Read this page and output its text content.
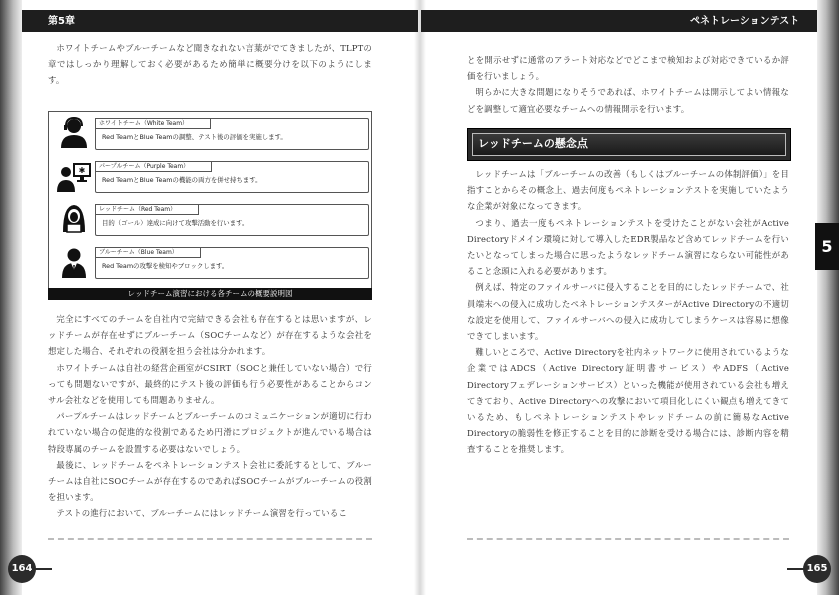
第5章	ペネトレーションテスト

ホワイトチームやブルーチームなど聞きなれない言葉がでてきましたが、TLPTの章ではしっかり理解しておく必要があるため簡単に概要分けを以下のようにします。

ホワイトチーム（White Team）
Red TeamとBlue Teamの調整、テスト後の評価を実施します。
✱	パープルチーム（Purple Team）
Red TeamとBlue Teamの機能の両方を併せ持ちます。
レッドチーム（Red Team）
目的（ゴール）達成に向けて攻撃活動を行います。
ブルーチーム（Blue Team）
Red Teamの攻撃を検知やブロックします。
レッドチーム演習における各チームの概要説明図

完全にすべてのチームを自社内で完結できる会社も存在するとは思いますが、レッドチームが存在せずにブルーチーム（SOCチームなど）が存在するような会社を想定した場合、それぞれの役割を担う会社は分かれます。

ホワイトチームは自社の経営企画室がCSIRT（SOCと兼任していない場合）で行っても問題ないですが、最終的にテスト後の評価も行う必要性があることからコンサル会社などを使用しても問題ありません。

パープルチームはレッドチームとブルーチームのコミュニケーションが適切に行われていない場合の促進的な役割であるため円滑にプロジェクトが進んでいる場合は特段専属のチームを設置する必要はないでしょう。

最後に、レッドチームをペネトレーションテスト会社に委託するとして、ブルーチームは自社にSOCチームが存在するのであればSOCチームがブルーチームの役割を担います。

テストの進行において、ブルーチームにはレッドチーム演習を行っているこ

とを開示せずに通常のアラート対応などでどこまで検知および対応できているか評価を行いましょう。

明らかに大きな問題になりそうであれば、ホワイトチームは開示してよい情報などを調整して適宜必要なチームへの情報開示を行います。

レッドチームの懸念点

レッドチームは「ブルーチームの改善（もしくはブルーチームの体制評価）」を目指すことからその概念上、過去何度もペネトレーションテストを実施していたような企業が対象になってきます。

つまり、過去一度もペネトレーションテストを受けたことがない会社がActive Directoryドメイン環境に対して導入したEDR製品など含めてレッドチームを行いたいとなってしまった場合に思ったようなレッドチーム演習にならない可能性があること念頭に入れる必要があります。

例えば、特定のファイルサーバに侵入することを目的にしたレッドチームで、社員端末への侵入に成功したペネトレーションテスターがActive Directoryの不適切な設定を使用して、ファイルサーバへの侵入に成功してしまうケースは容易に想像できてしまいます。

難しいところで、Active Directoryを社内ネットワークに使用されているような企業ではADCS（Active Directory証明書サービス）やADFS（Active Directoryフェデレーションサービス）といった機能が使用されている会社も増えてきており、Active Directoryへの攻撃において項目化しにくい観点も増えてきているため、もしペネトレーションテストやレッドチームの前に簡易なActive Directoryの脆弱性を修正することを目的に診断を受ける場合には、診断内容を精査することを推奨します。

5
164	165
